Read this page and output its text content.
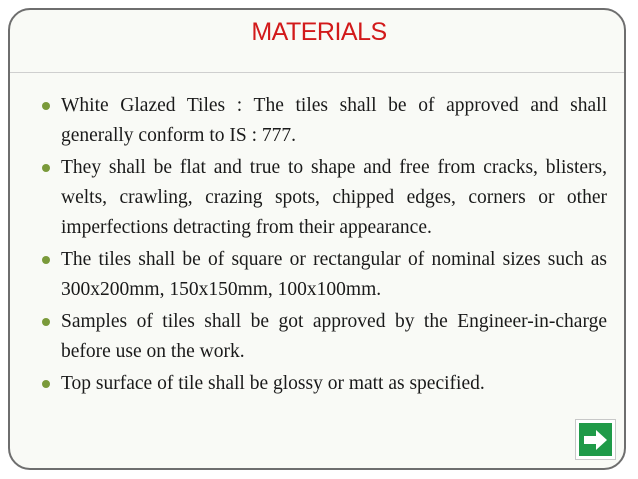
MATERIALS
White Glazed Tiles : The tiles shall be of approved and shall generally conform to IS : 777.
They shall be flat and true to shape and free from cracks, blisters, welts, crawling, crazing spots, chipped edges, corners or other imperfections detracting from their appearance.
The tiles shall be of square or rectangular of nominal sizes such as 300x200mm, 150x150mm, 100x100mm.
Samples of tiles shall be got approved by the Engineer-in-charge before use on the work.
Top surface of tile shall be glossy or matt as specified.
